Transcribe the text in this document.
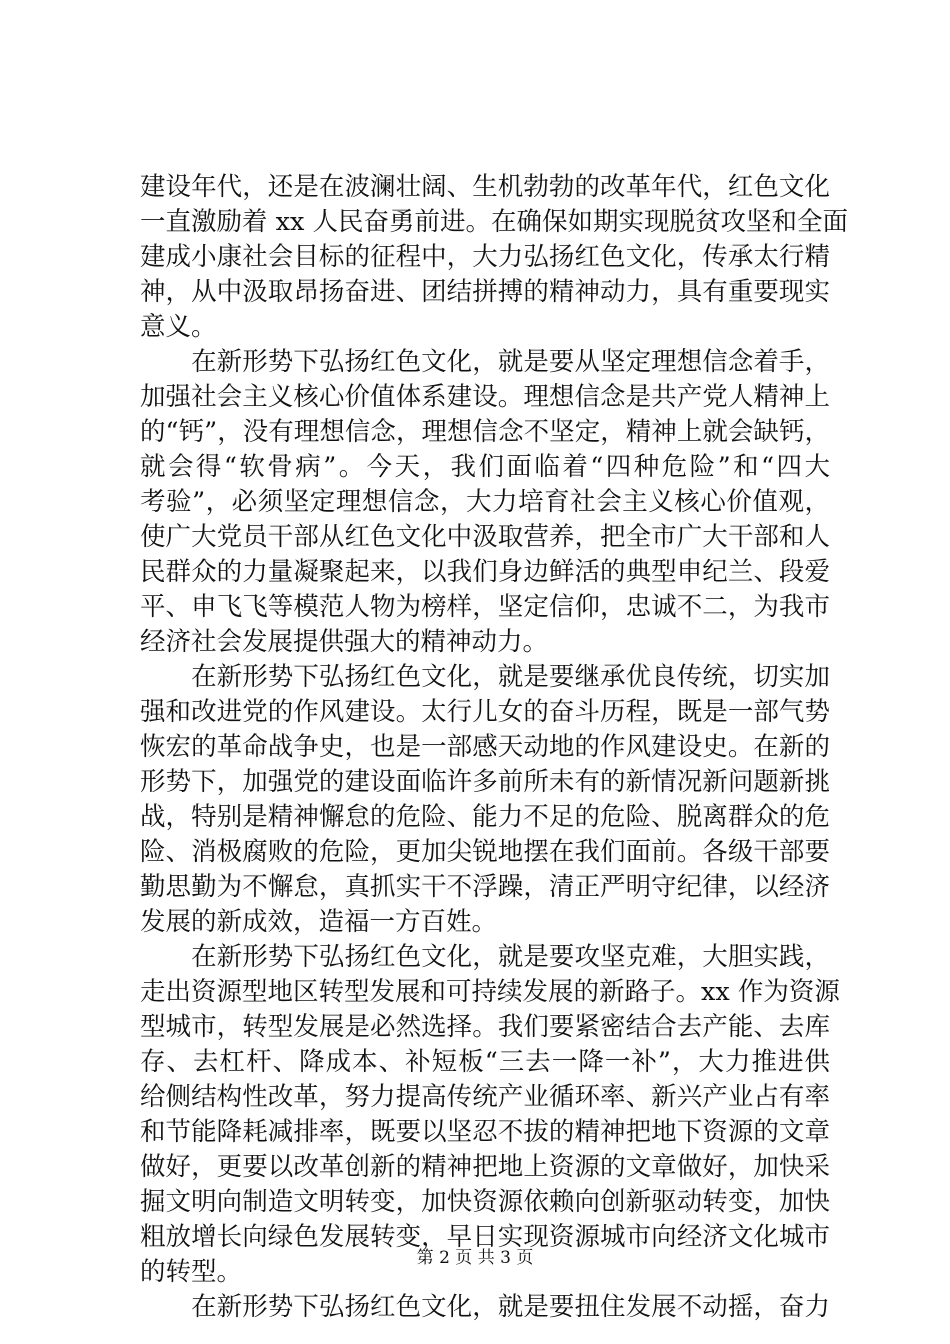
建设年代，还是在波澜壮阔、生机勃勃的改革年代，红色文化
一直激励着 xx 人民奋勇前进。在确保如期实现脱贫攻坚和全面
建成小康社会目标的征程中，大力弘扬红色文化，传承太行精
神，从中汲取昂扬奋进、团结拼搏的精神动力，具有重要现实
意义。
　　在新形势下弘扬红色文化，就是要从坚定理想信念着手，
加强社会主义核心价值体系建设。理想信念是共产党人精神上
的“钙”，没有理想信念，理想信念不坚定，精神上就会缺钙，
就会得“软骨病”。今天，我们面临着“四种危险”和“四大
考验”，必须坚定理想信念，大力培育社会主义核心价值观，
使广大党员干部从红色文化中汲取营养，把全市广大干部和人
民群众的力量凝聚起来，以我们身边鲜活的典型申纪兰、段爱
平、申飞飞等模范人物为榜样，坚定信仰，忠诚不二，为我市
经济社会发展提供强大的精神动力。
　　在新形势下弘扬红色文化，就是要继承优良传统，切实加
强和改进党的作风建设。太行儿女的奋斗历程，既是一部气势
恢宏的革命战争史，也是一部感天动地的作风建设史。在新的
形势下，加强党的建设面临许多前所未有的新情况新问题新挑
战，特别是精神懈怠的危险、能力不足的危险、脱离群众的危
险、消极腐败的危险，更加尖锐地摆在我们面前。各级干部要
勤思勤为不懈怠，真抓实干不浮躁，清正严明守纪律，以经济
发展的新成效，造福一方百姓。
　　在新形势下弘扬红色文化，就是要攻坚克难，大胆实践，
走出资源型地区转型发展和可持续发展的新路子。xx 作为资源
型城市，转型发展是必然选择。我们要紧密结合去产能、去库
存、去杠杆、降成本、补短板“三去一降一补”，大力推进供
给侧结构性改革，努力提高传统产业循环率、新兴产业占有率
和节能降耗减排率，既要以坚忍不拔的精神把地下资源的文章
做好，更要以改革创新的精神把地上资源的文章做好，加快采
掘文明向制造文明转变，加快资源依赖向创新驱动转变，加快
粗放增长向绿色发展转变，早日实现资源城市向经济文化城市
的转型。
　　在新形势下弘扬红色文化，就是要扭住发展不动摇，奋力
第 2 页 共 3 页
